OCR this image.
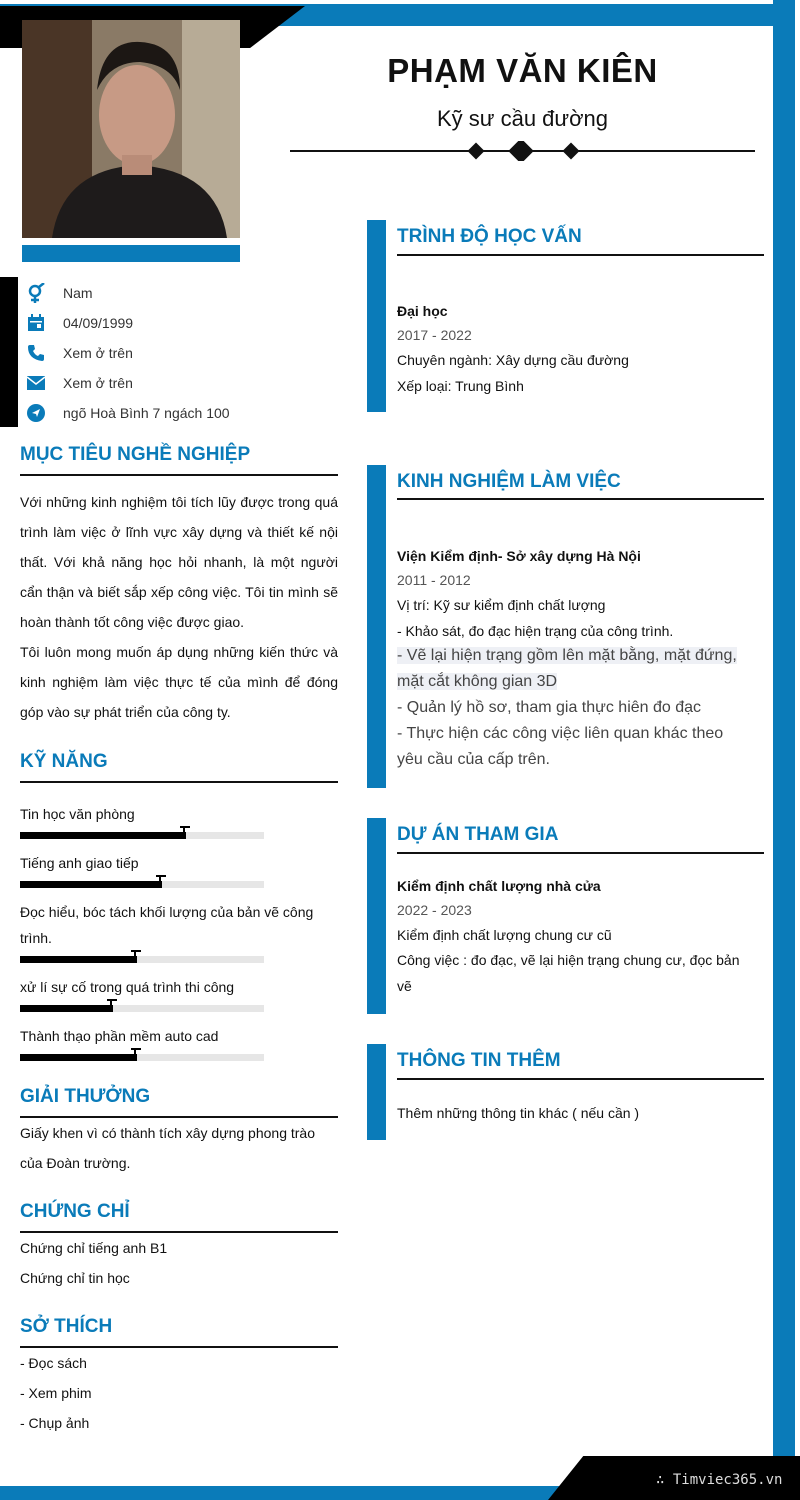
∴ Timviec365.vn
PHẠM VĂN KIÊN
Kỹ sư cầu đường
Nam
04/09/1999
Xem ở trên
Xem ở trên
ngõ Hoà Bình 7 ngách 100
MỤC TIÊU NGHỀ NGHIỆP
Với những kinh nghiệm tôi tích lũy được trong quá trình làm việc ở lĩnh vực xây dựng và thiết kế nội thất. Với khả năng học hỏi nhanh, là một người cẩn thận và biết sắp xếp công việc. Tôi tin mình sẽ hoàn thành tốt công việc được giao.
Tôi luôn mong muốn áp dụng những kiến thức và kinh nghiệm làm việc thực tế của mình để đóng góp vào sự phát triển của công ty.
KỸ NĂNG
Tin học văn phòng
Tiếng anh giao tiếp
Đọc hiểu, bóc tách khối lượng của bản vẽ công trình.
xử lí sự cố trong quá trình thi công
Thành thạo phần mềm auto cad
GIẢI THƯỞNG
Giấy khen vì có thành tích xây dựng phong trào của Đoàn trường.
CHỨNG CHỈ
Chứng chỉ tiếng anh B1
Chứng chỉ tin học
SỞ THÍCH
- Đọc sách
- Xem phim
- Chụp ảnh
TRÌNH ĐỘ HỌC VẤN
Đại học
2017 - 2022
Chuyên ngành: Xây dựng cầu đường
Xếp loại: Trung Bình
KINH NGHIỆM LÀM VIỆC
Viện Kiểm định- Sở xây dựng Hà Nội
2011 - 2012
Vị trí: Kỹ sư kiểm định chất lượng
- Khảo sát, đo đạc hiện trạng của công trình.
- Vẽ lại hiện trạng gồm lên mặt bằng, mặt đứng, mặt cắt không gian 3D
- Quản lý hồ sơ, tham gia thực hiên đo đạc
- Thực hiện các công việc liên quan khác theo yêu cầu của cấp trên.
DỰ ÁN THAM GIA
Kiểm định chất lượng nhà cửa
2022 - 2023
Kiểm định chất lượng chung cư cũ
Công việc : đo đạc, vẽ lại hiện trạng chung cư, đọc bản vẽ
THÔNG TIN THÊM
Thêm những thông tin khác ( nếu cần )
